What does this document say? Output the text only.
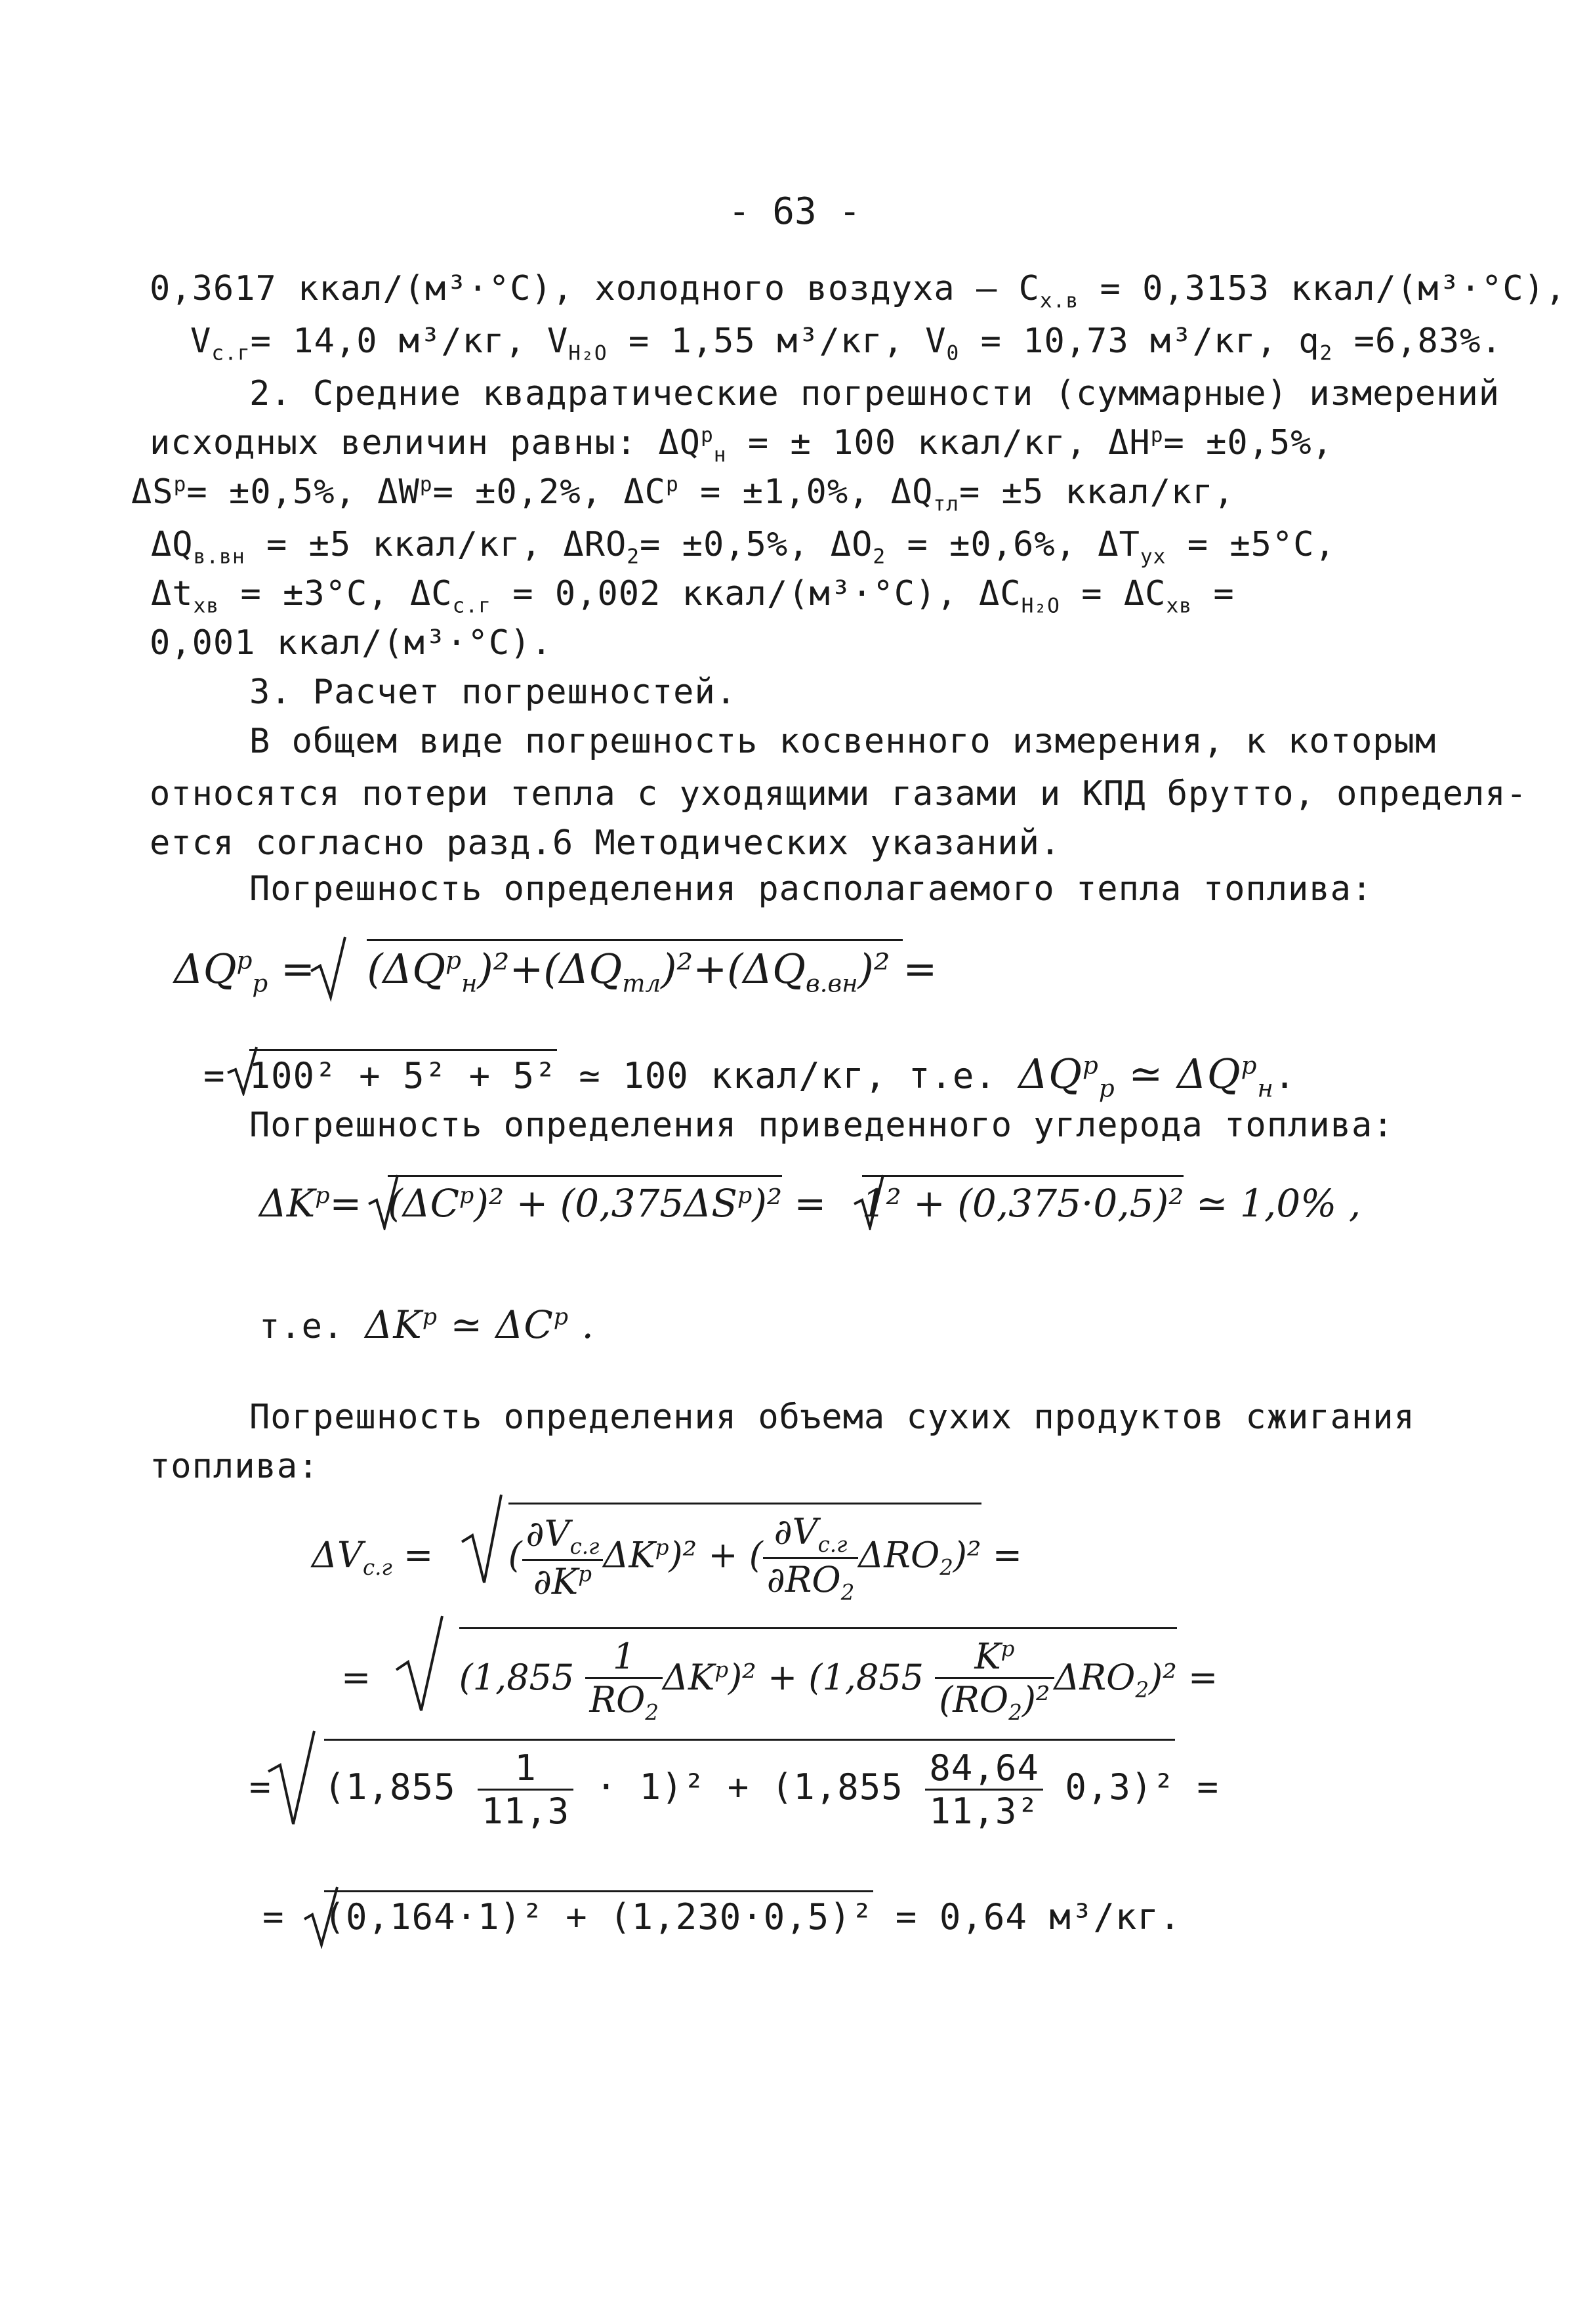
- 63 -
0,3617 ккал/(м³·°С), холодного воздуха – $C_{х.в} = 0,3153$ ккал/(м³·°С),
$V_{с.г}= 14,0$ м³/кг, $V_{H_2O} = 1,55$ м³/кг, $V_0 = 10,73$ м³/кг, $q_2 =6,83\%$.
2. Средние квадратические погрешности (суммарные) измерений
исходных величин равны: $\Delta Q^р_н$ = ± 100 ккал/кг, $\Delta H^р= \pm 0,5\%$,
$\Delta S^р= \pm 0,5\%$, $\Delta W^р= \pm 0,2\%$, $\Delta C^р = \pm 1,0\%$, $\Delta Q_{тл}= \pm 5$ ккал/кг,
$\Delta Q_{в.вн} = \pm 5$ ккал/кг, $\Delta RO_2= \pm 0,5\%$, $\Delta O_2 = \pm 0,6\%$, $\Delta T_{ух} = \pm 5^\circ С$,
$\Delta t_{хв} = \pm 3^\circ С$, $\Delta C_{с.г} = 0,002$ ккал/(м³·°С), $\Delta C_{H_2O} = \Delta C_{хв}$ =
0,001 ккал/(м³·°С).
3. Расчет погрешностей.
В общем виде погрешность косвенного измерения, к которым
относятся потери тепла с уходящими газами и КПД брутто, определя-
ется согласно разд.6 Методических указаний.
Погрешность определения располагаемого тепла топлива:
$\Delta Q^р_р = (\Delta Q^р_н)^2+(\Delta Q_{тл})^2+(\Delta Q_{в.вн})^2$ =
= 100² + 5² + 5² ≃ 100 ккал/кг, т.е. $\Delta Q^р_р$ ≃ $\Delta Q^р_н$.
Погрешность определения приведенного углерода топлива:
$\Delta K^р= (\Delta C^р)^2 + (0,375\Delta S^р)^2 = 1^2 + (0,375\cdot 0,5)^2$ ≃ 1,0% ,
т.е. $\Delta K^р$ ≃ $\Delta C^р$ .
Погрешность определения объема сухих продуктов сжигания
топлива:
$\Delta V_{с.г}$ =  ( $\frac{\partial V_{с.г}}{\partial K^р} \Delta K^р)^2$ + ( $\frac{\partial V_{с.г}}{\partial RO_2} \Delta RO_2)^2$ =
=  $(1,855 \frac{1}{RO_2} \Delta K^р)^2 + (1,855 \frac{K^р}{(RO_2)^2} \Delta RO_2)^2$ =
= $(1,855 \frac{1}{11,3} \cdot 1)^2 + (1,855 \frac{84,64}{\text{11,3²}} 0,3)^2$ =
= (0,164·1)² + (1,230·0,5)² = 0,64 м³/кг.
